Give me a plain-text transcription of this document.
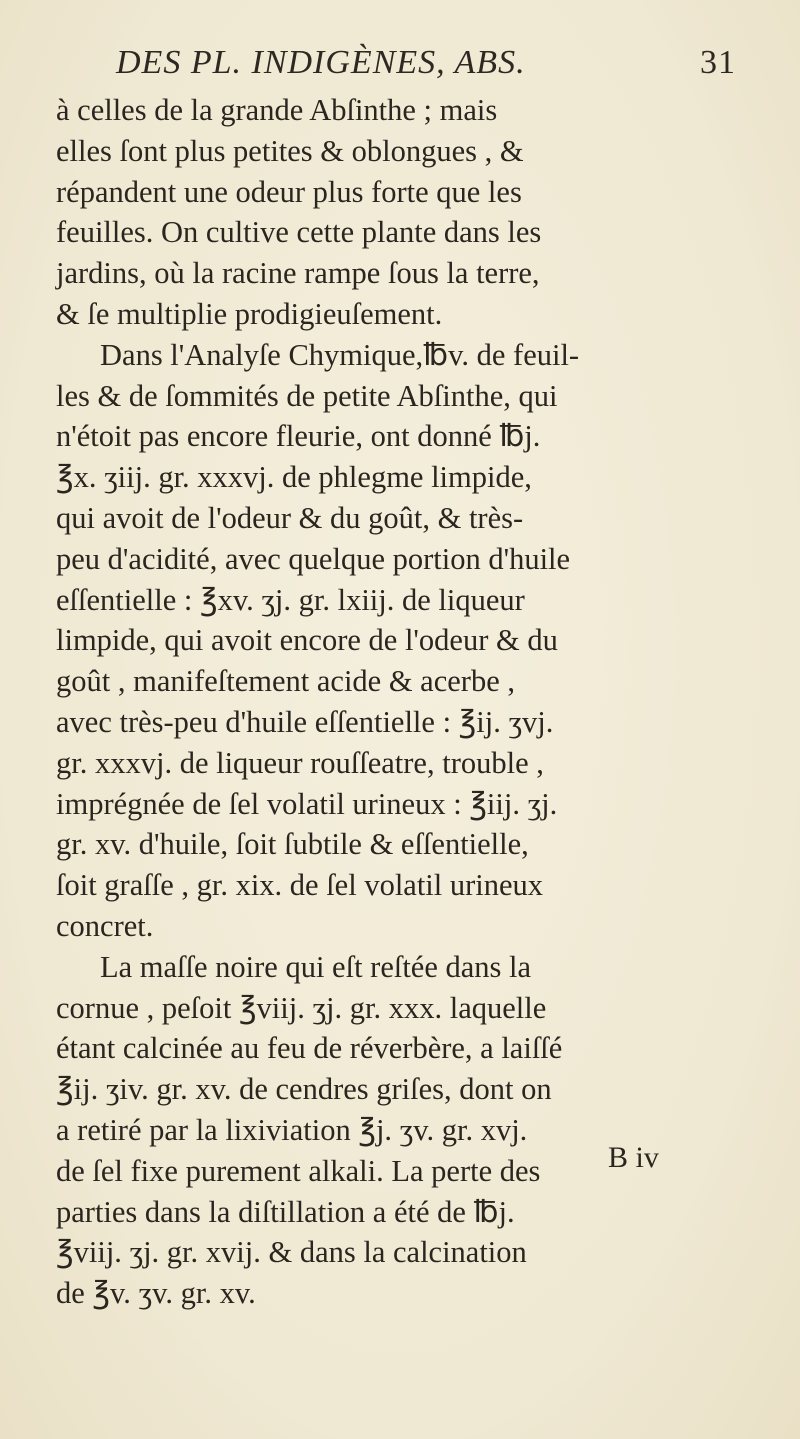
DES PL. INDIGÈNES, ABS.	31
à celles de la grande Abſinthe ; mais
elles ſont plus petites & oblongues , &
répandent une odeur plus forte que les
feuilles. On cultive cette plante dans les
jardins, où la racine rampe ſous la terre,
& ſe multiplie prodigieuſement.
Dans l'Analyſe Chymique,℔v. de feuil-
les & de ſommités de petite Abſinthe, qui
n'étoit pas encore fleurie, ont donné ℔j.
℥x. ʒiij. gr. xxxvj. de phlegme limpide,
qui avoit de l'odeur & du goût, & très-
peu d'acidité, avec quelque portion d'huile
eſſentielle : ℥xv. ʒj. gr. lxiij. de liqueur
limpide, qui avoit encore de l'odeur & du
goût , manifeſtement acide & acerbe ,
avec très-peu d'huile eſſentielle : ℥ij. ʒvj.
gr. xxxvj. de liqueur rouſſeatre, trouble ,
imprégnée de ſel volatil urineux : ℥iij. ʒj.
gr. xv. d'huile, ſoit ſubtile & eſſentielle,
ſoit graſſe , gr. xix. de ſel volatil urineux
concret.
La maſſe noire qui eſt reſtée dans la
cornue , peſoit ℥viij. ʒj. gr. xxx. laquelle
étant calcinée au feu de réverbère, a laiſſé
℥ij. ʒiv. gr. xv. de cendres griſes, dont on
a retiré par la lixiviation ℥j. ʒv. gr. xvj.
de ſel fixe purement alkali. La perte des
parties dans la diſtillation a été de ℔j.
℥viij. ʒj. gr. xvij. & dans la calcination
de ℥v. ʒv. gr. xv.
B iv
